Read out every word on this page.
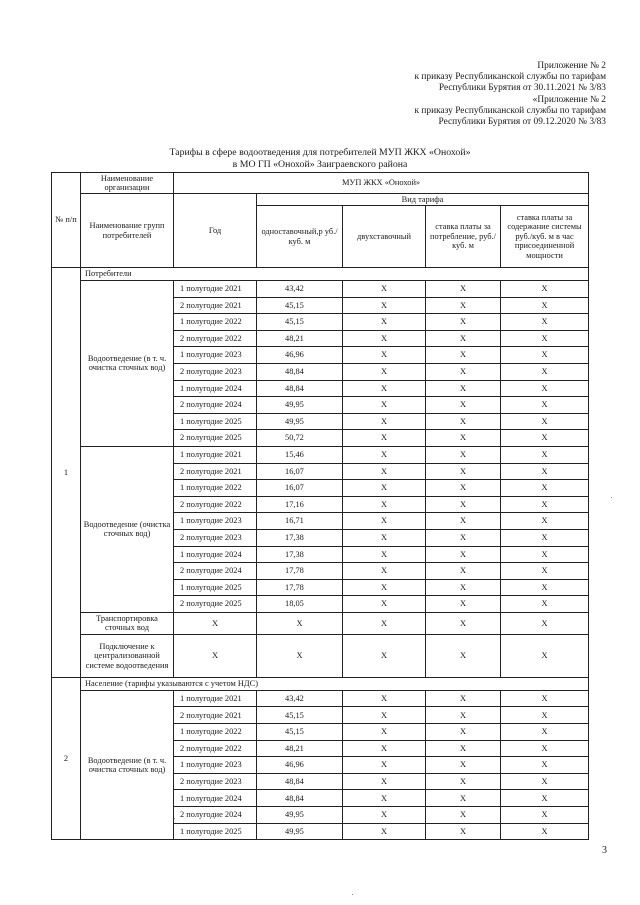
Приложение № 2
к приказу Республиканской службы по тарифам
Республики Бурятия от 30.11.2021 № 3/83
«Приложение № 2
к приказу Республиканской службы по тарифам
Республики Бурятия от 09.12.2020 № 3/83
Тарифы в сфере водоотведения для потребителей МУП ЖКХ «Онохой»
в МО ГП «Онохой» Заиграевского района
№ п/п	Наименование организации	МУП ЖКХ «Онохой»				
	Наименование групп потребителей	Год	Вид тарифа			
			одноставочный,р уб./ куб. м	двухставочный	ставка платы за потребление, руб./ куб. м	ставка платы за содержание системы руб./куб. м в час присоединенной мощности
1	Потребители					
	Водоотведение (в т. ч. очистка сточных вод)	1 полугодие 2021	43,42	X	X	X
		2 полугодие 2021	45,15	X	X	X
		1 полугодие 2022	45,15	X	X	X
		2 полугодие 2022	48,21	X	X	X
		1 полугодие 2023	46,96	X	X	X
		2 полугодие 2023	48,84	X	X	X
		1 полугодие 2024	48,84	X	X	X
		2 полугодие 2024	49,95	X	X	X
		1 полугодие 2025	49,95	X	X	X
		2 полугодие 2025	50,72	X	X	X
	Водоотведение (очистка сточных вод)	1 полугодие 2021	15,46	X	X	X
		2 полугодие 2021	16,07	X	X	X
		1 полугодие 2022	16,07	X	X	X
		2 полугодие 2022	17,16	X	X	X
		1 полугодие 2023	16,71	X	X	X
		2 полугодие 2023	17,38	X	X	X
		1 полугодие 2024	17,38	X	X	X
		2 полугодие 2024	17,78	X	X	X
		1 полугодие 2025	17,78	X	X	X
		2 полугодие 2025	18,05	X	X	X
	Транспортировка сточных вод	X	X	X	X	X
	Подключение к централизованной системе водоотведения	X	X	X	X	X
2	Население (тарифы указываются с учетом НДС)					
	Водоотведение (в т. ч. очистка сточных вод)	1 полугодие 2021	43,42	X	X	X
		2 полугодие 2021	45,15	X	X	X
		1 полугодие 2022	45,15	X	X	X
		2 полугодие 2022	48,21	X	X	X
		1 полугодие 2023	46,96	X	X	X
		2 полугодие 2023	48,84	X	X	X
		1 полугодие 2024	48,84	X	X	X
		2 полугодие 2024	49,95	X	X	X
		1 полугодие 2025	49,95	X	X	X
3
